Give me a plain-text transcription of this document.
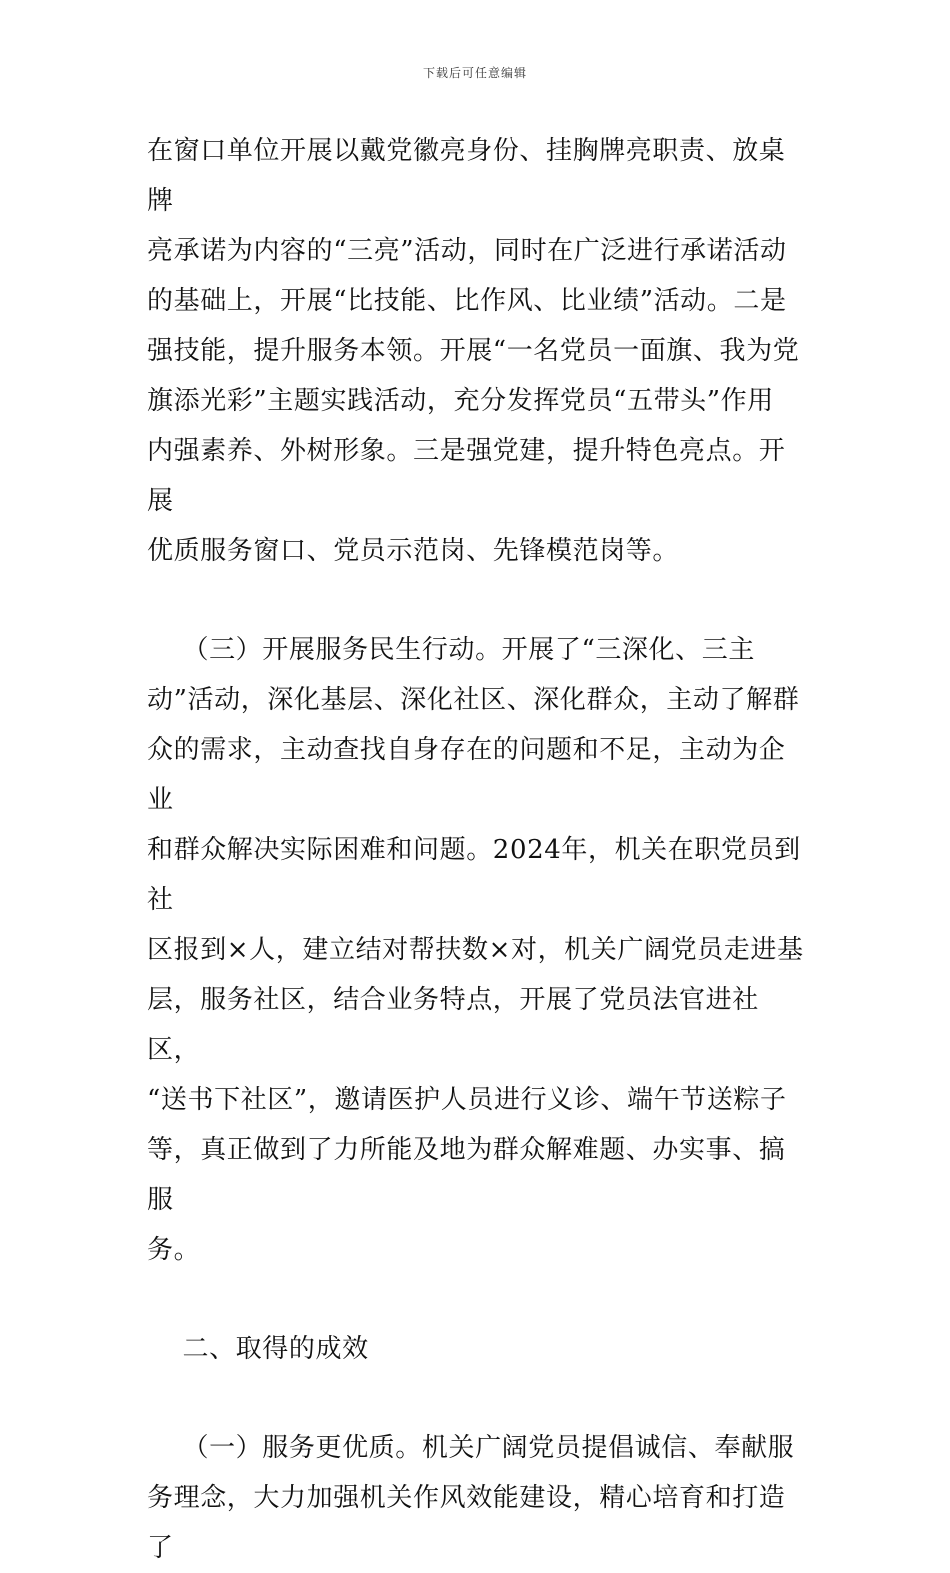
下载后可任意编辑

在窗口单位开展以戴党徽亮身份、挂胸牌亮职责、放桌牌

亮承诺为内容的“三亮”活动，同时在广泛进行承诺活动

的基础上，开展“比技能、比作风、比业绩”活动。二是

强技能，提升服务本领。开展“一名党员一面旗、我为党

旗添光彩”主题实践活动，充分发挥党员“五带头”作用

内强素养、外树形象。三是强党建，提升特色亮点。开展

优质服务窗口、党员示范岗、先锋模范岗等。

（三）开展服务民生行动。开展了“三深化、三主

动”活动，深化基层、深化社区、深化群众，主动了解群

众的需求，主动查找自身存在的问题和不足，主动为企业

和群众解决实际困难和问题。2024年，机关在职党员到社

区报到×人，建立结对帮扶数×对，机关广阔党员走进基

层，服务社区，结合业务特点，开展了党员法官进社区，

“送书下社区”，邀请医护人员进行义诊、端午节送粽子

等，真正做到了力所能及地为群众解难题、办实事、搞服

务。

二、取得的成效

（一）服务更优质。机关广阔党员提倡诚信、奉献服

务理念，大力加强机关作风效能建设，精心培育和打造了
